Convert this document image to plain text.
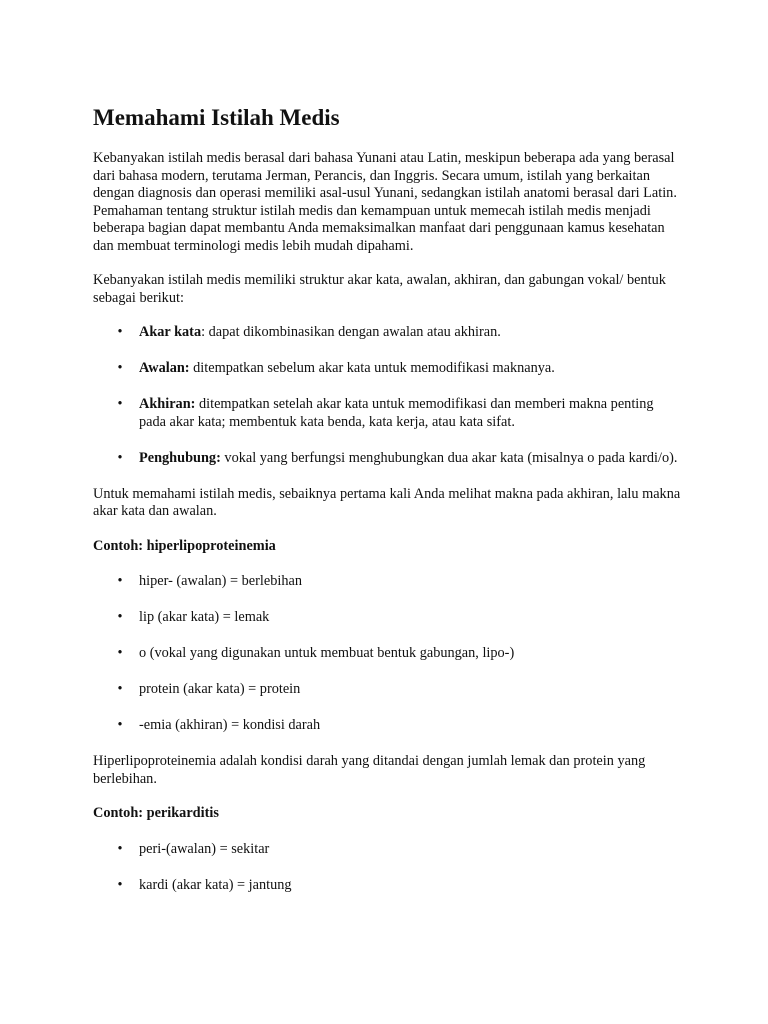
Memahami Istilah Medis

Kebanyakan istilah medis berasal dari bahasa Yunani atau Latin, meskipun beberapa ada yang berasal dari bahasa modern, terutama Jerman, Perancis, dan Inggris. Secara umum, istilah yang berkaitan dengan diagnosis dan operasi memiliki asal-usul Yunani, sedangkan istilah anatomi berasal dari Latin. Pemahaman tentang struktur istilah medis dan kemampuan untuk memecah istilah medis menjadi beberapa bagian dapat membantu Anda memaksimalkan manfaat dari penggunaan kamus kesehatan dan membuat terminologi medis lebih mudah dipahami.

Kebanyakan istilah medis memiliki struktur akar kata, awalan, akhiran, dan gabungan vokal/ bentuk sebagai berikut:

• Akar kata: dapat dikombinasikan dengan awalan atau akhiran.
• Awalan: ditempatkan sebelum akar kata untuk memodifikasi maknanya.
• Akhiran: ditempatkan setelah akar kata untuk memodifikasi dan memberi makna penting pada akar kata; membentuk kata benda, kata kerja, atau kata sifat.
• Penghubung: vokal yang berfungsi menghubungkan dua akar kata (misalnya o pada kardi/o).

Untuk memahami istilah medis, sebaiknya pertama kali Anda melihat makna pada akhiran, lalu makna akar kata dan awalan.

Contoh: hiperlipoproteinemia

• hiper- (awalan) = berlebihan
• lip (akar kata) = lemak
• o (vokal yang digunakan untuk membuat bentuk gabungan, lipo-)
• protein (akar kata) = protein
• -emia (akhiran) = kondisi darah

Hiperlipoproteinemia adalah kondisi darah yang ditandai dengan jumlah lemak dan protein yang berlebihan.

Contoh: perikarditis

• peri-(awalan) = sekitar
• kardi (akar kata) = jantung
